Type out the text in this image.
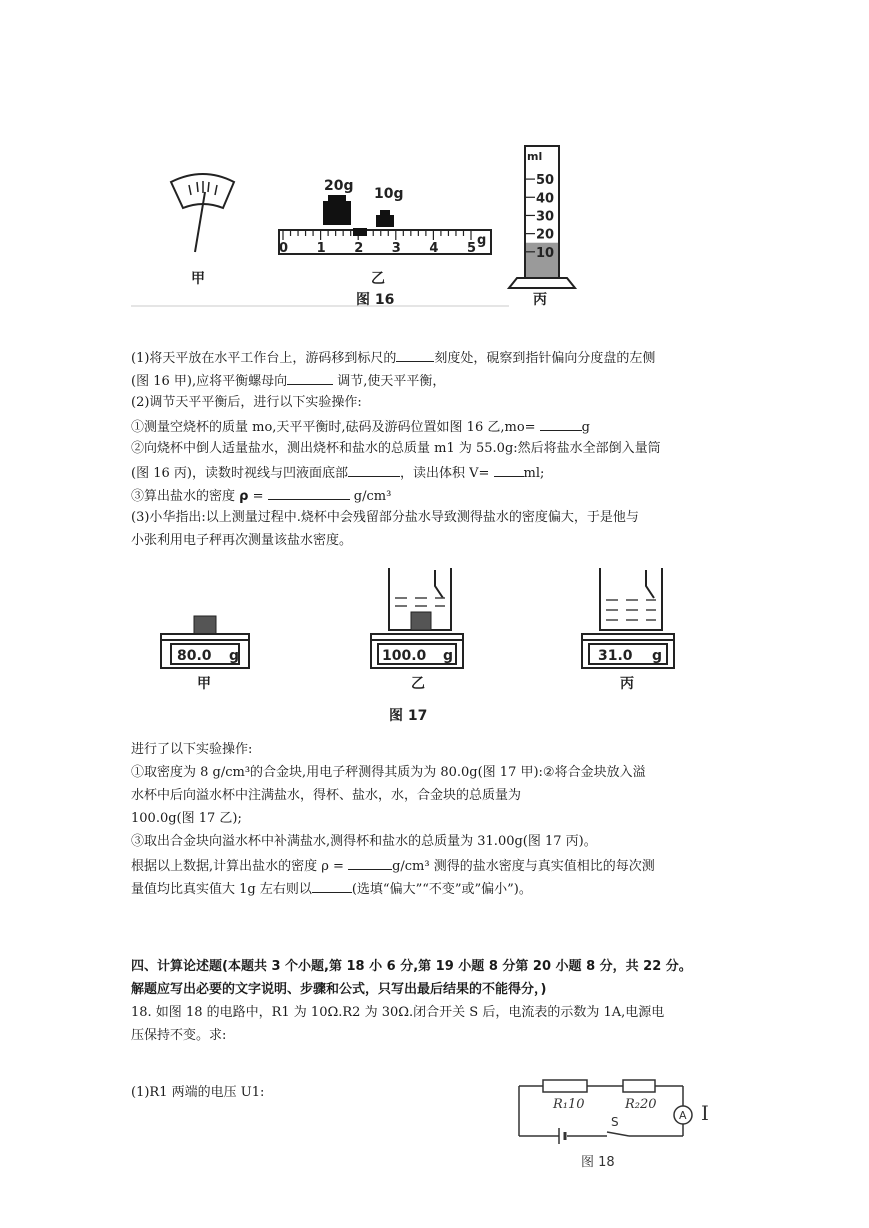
甲
0 1 2 3 4 5
g
20g 10g
乙
图 16
50
40
30
20
10
丙
ml
(1)将天平放在水平工作台上，游码移到标尺的	刻度处，硯察到指针偏向分度盘的左侧
(图 16 甲),应将平衡螺母向	调节,使天平平衡，
(2)调节天平平衡后，进行以下实验操作:
①测量空烧杯的质量 mo,天平平衡时,砝码及游码位置如图 16 乙,mo=	g
②向烧杯中倒人适量盐水，测出烧杯和盐水的总质量 m1 为 55.0g:然后将盐水全部倒入量筒
(图 16 丙)，读数时视线与凹液面底部	，读出体积 V= ml;
③算出盐水的密度 ρ =	g/cm³
(3)小华指出:以上测量过程中.烧杯中会残留部分盐水导致测得盐水的密度偏大，于是他与
小张利用电子秤再次测量该盐水密度。
80.0 g
甲
100.0 g
乙
图 17
31.0 g
丙
进行了以下实验操作:
①取密度为 8 g/cm³的合金块,用电子秤测得其质为为 80.0g(图 17 甲):②将合金块放入溢
水杯中后向溢水杯中注满盐水，得杯、盐水，水，合金块的总质量为
100.0g(图 17 乙);
③取出合金块向溢水杯中补满盐水,测得杯和盐水的总质量为 31.00g(图 17 丙)。
根据以上数据,计算出盐水的密度 ρ =	g/cm³ 测得的盐水密度与真实值相比的每次测
量值均比真实值大 1g 左右则以	(选填“偏大”“不变”或”偏小”)。
四、计算论述题(本题共 3 个小题,第 18 小 6 分,第 19 小题 8 分第 20 小题 8 分，共 22 分。
解题应写出必要的文字说明、步骤和公式，只写出最后结果的不能得分，)
18. 如图 18 的电路中，R1 为 10Ω.R2 为 30Ω.闭合开关 S 后，电流表的示数为 1A,电源电
压保持不变。求:
(1)R1 两端的电压 U1:
A I
R₁10	R₂20
S
图 18
